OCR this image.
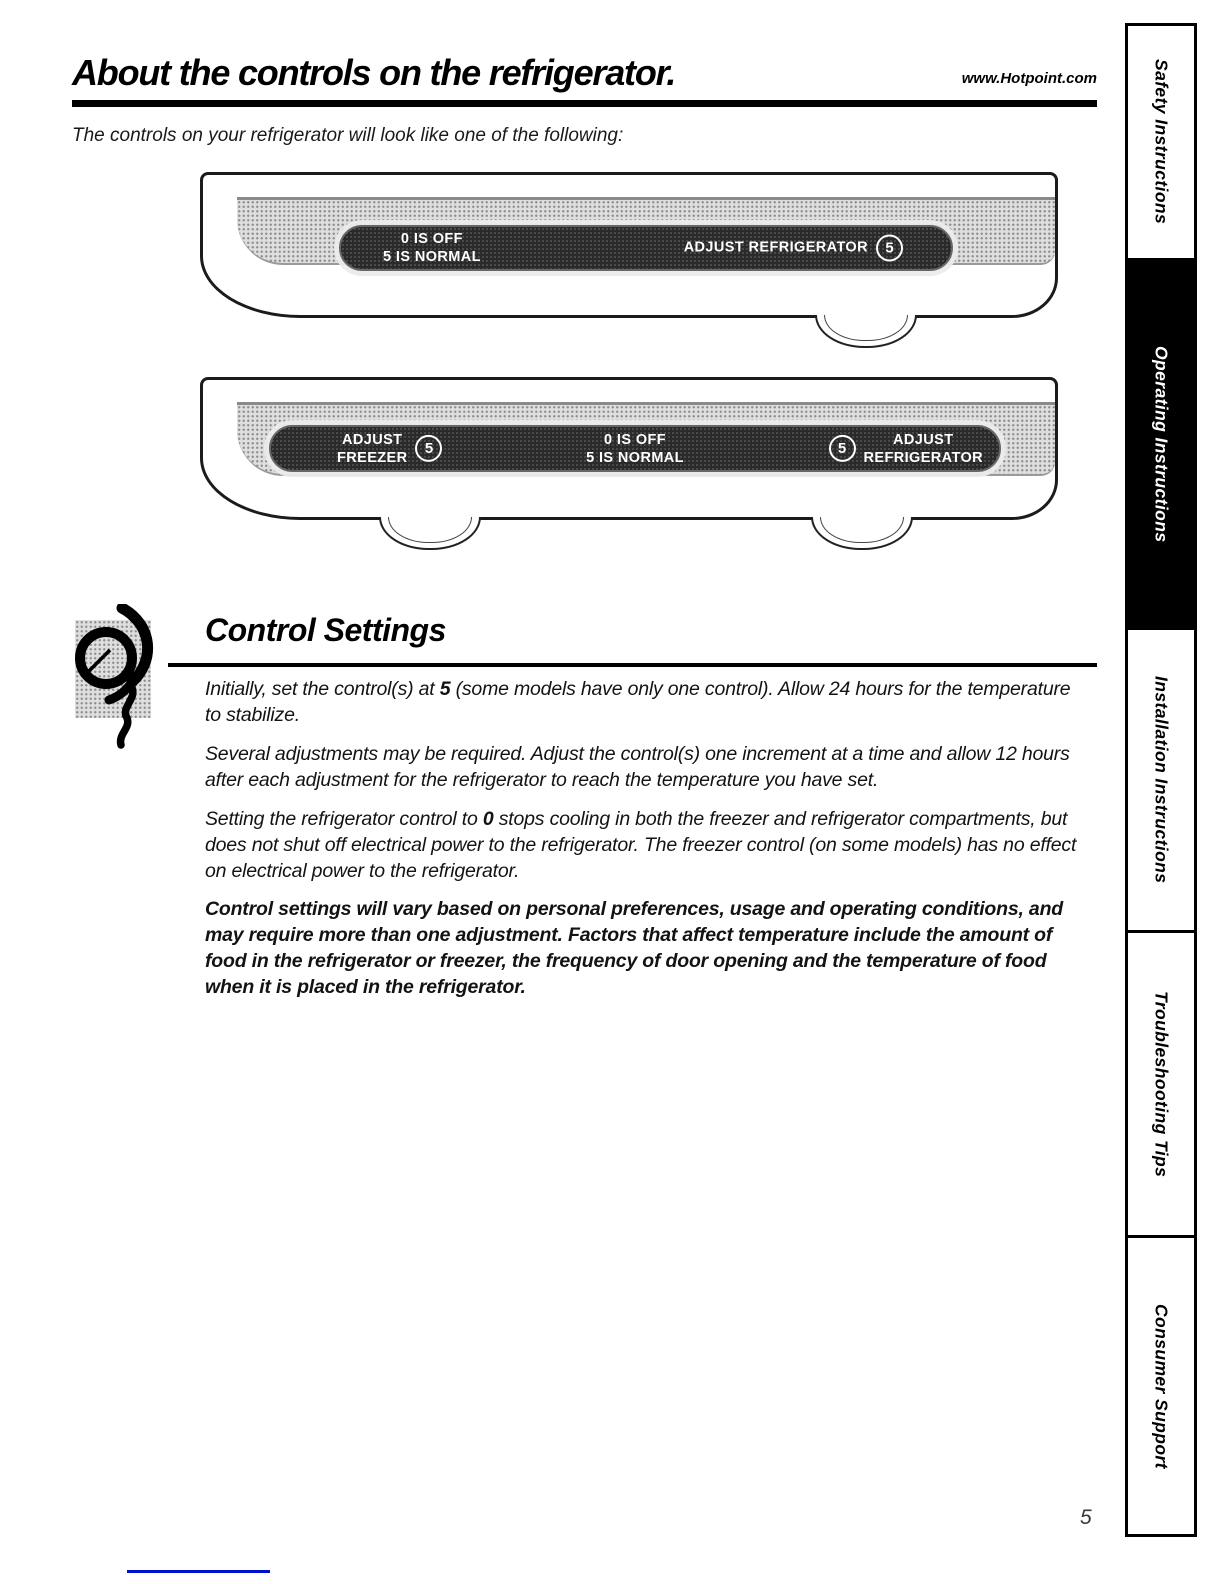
About the controls on the refrigerator.	www.Hotpoint.com
The controls on your refrigerator will look like one of the following:
0 IS OFF
5 IS NORMAL
ADJUST REFRIGERATOR	5
ADJUST
FREEZER
5
0 IS OFF
5 IS NORMAL
5
ADJUST
REFRIGERATOR
Control Settings

Initially, set the control(s) at 5 (some models have only one control). Allow 24 hours for the temperature to stabilize.

Several adjustments may be required. Adjust the control(s) one increment at a time and allow 12 hours after each adjustment for the refrigerator to reach the temperature you have set.

Setting the refrigerator control to 0 stops cooling in both the freezer and refrigerator compartments, but does not shut off electrical power to the refrigerator. The freezer control (on some models) has no effect on electrical power to the refrigerator.

Control settings will vary based on personal preferences, usage and operating conditions, and may require more than one adjustment. Factors that affect temperature include the amount of food in the refrigerator or freezer, the frequency of door opening and the temperature of food when it is placed in the refrigerator.

5
Safety Instructions
Operating Instructions
Installation Instructions
Troubleshooting Tips
Consumer Support
